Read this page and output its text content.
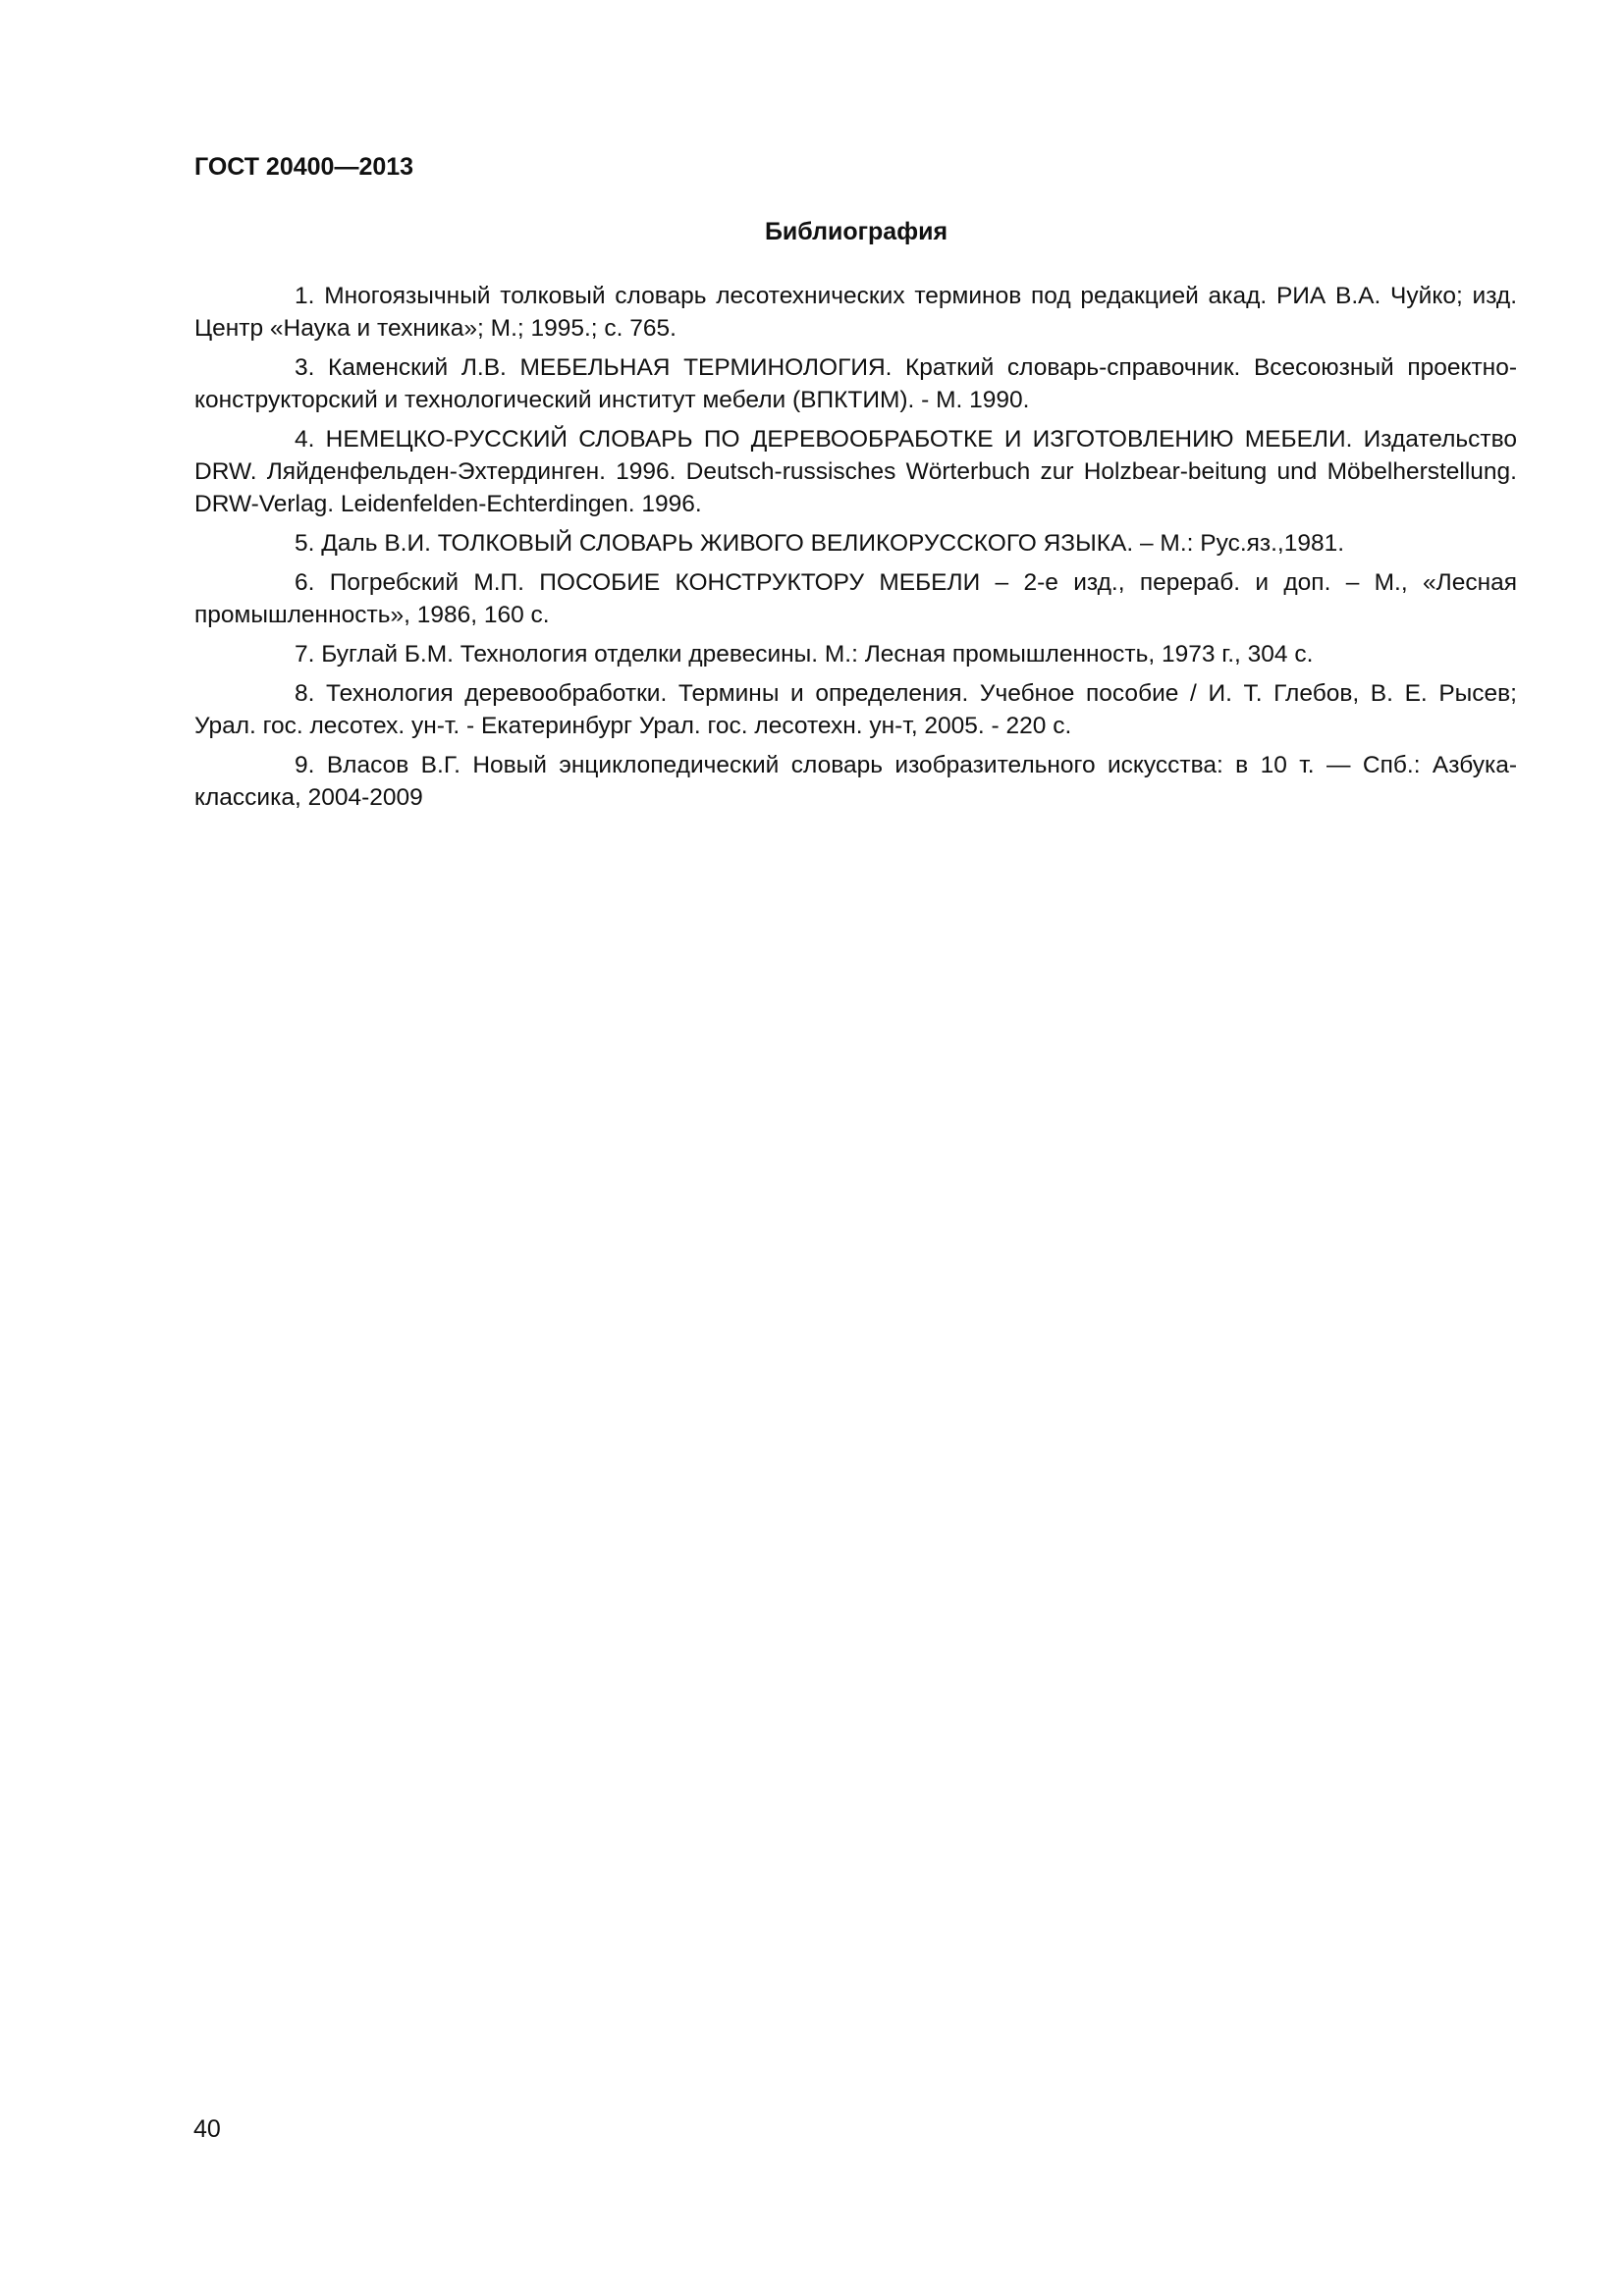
ГОСТ 20400—2013
Библиография
1. Многоязычный толковый словарь лесотехнических терминов под редакцией акад. РИА В.А. Чуйко; изд. Центр «Наука и техника»; М.; 1995.; с. 765.
3. Каменский Л.В. МЕБЕЛЬНАЯ ТЕРМИНОЛОГИЯ. Краткий словарь-справочник. Всесоюзный проектно-конструкторский и технологический институт мебели (ВПКТИМ). - М. 1990.
4. НЕМЕЦКО-РУССКИЙ СЛОВАРЬ ПО ДЕРЕВООБРАБОТКЕ И ИЗГОТОВЛЕНИЮ МЕБЕЛИ. Издательство DRW. Ляйденфельден-Эхтердинген. 1996. Deutsch-russisches Wörterbuch zur Holzbear-beitung und Möbelherstellung. DRW-Verlag. Leidenfelden-Echterdingen. 1996.
5. Даль В.И. ТОЛКОВЫЙ СЛОВАРЬ ЖИВОГО ВЕЛИКОРУССКОГО ЯЗЫКА. – М.: Рус.яз.,1981.
6. Погребский М.П. ПОСОБИЕ КОНСТРУКТОРУ МЕБЕЛИ – 2-е изд., перераб. и доп. – М., «Лесная промышленность», 1986, 160 с.
7. Буглай Б.М. Технология отделки древесины. М.: Лесная промышленность, 1973 г., 304 с.
8. Технология деревообработки. Термины и определения. Учебное пособие / И. Т. Глебов, В. Е. Рысев; Урал. гос. лесотех. ун-т. - Екатеринбург Урал. гос. лесотехн. ун-т, 2005. - 220 с.
9. Власов В.Г. Новый энциклопедический словарь изобразительного искусства: в 10 т. — Спб.: Азбука-классика, 2004-2009
40
